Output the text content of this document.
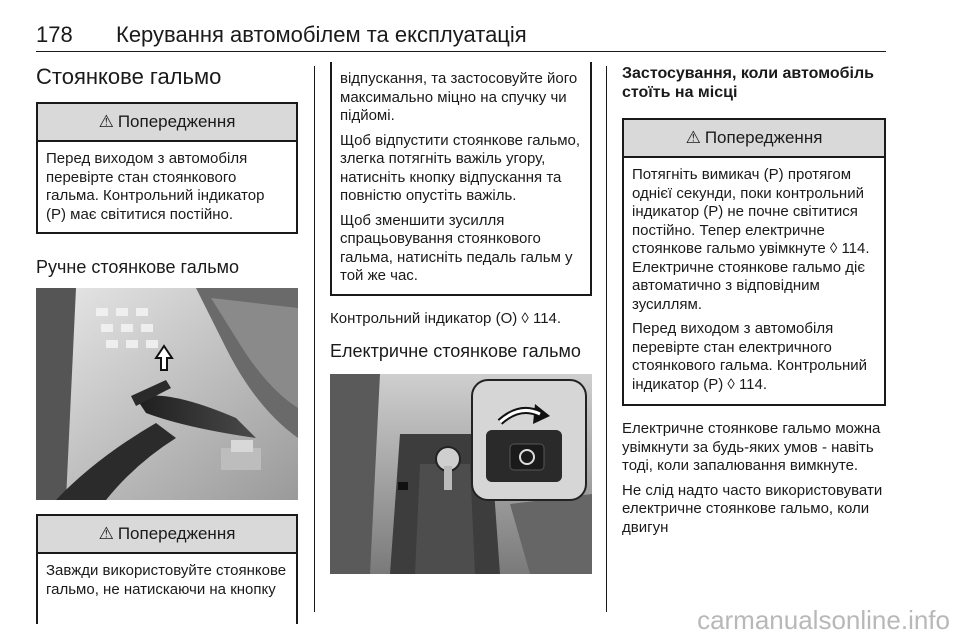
178 Керування автомобілем та експлуатація
Стоянкове гальмо
⚠ Попередження

Перед виходом з автомобіля перевірте стан стоянкового гальма. Контрольний індикатор (P) має світитися постійно.

Ручне стоянкове гальмо
⚠ Попередження

Завжди використовуйте стоянкове гальмо, не натискаючи на кнопку

відпускання, та застосовуйте його максимально міцно на спучку чи підйомі.

Щоб відпустити стоянкове гальмо, злегка потягніть важіль угору, натисніть кнопку відпускання та повністю опустіть важіль.

Щоб зменшити зусилля спрацьовування стоянкового гальма, натисніть педаль гальм у той же час.

Контрольний індикатор (O) ◊ 114.

Електричне стоянкове гальмо
Застосування, коли автомобіль стоїть на місці
⚠ Попередження

Потягніть вимикач (P) протягом однієї секунди, поки контрольний індикатор (P) не почне світитися постійно. Тепер електричне стоянкове гальмо увімкнуте ◊ 114. Електричне стоянкове гальмо діє автоматично з відповідним зусиллям.

Перед виходом з автомобіля перевірте стан електричного стоянкового гальма. Контрольний індикатор (P) ◊ 114.

Електричне стоянкове гальмо можна увімкнути за будь-яких умов - навіть тоді, коли запалювання вимкнуте.

Не слід надто часто використовувати електричне стоянкове гальмо, коли двигун

carmanualsonline.info
